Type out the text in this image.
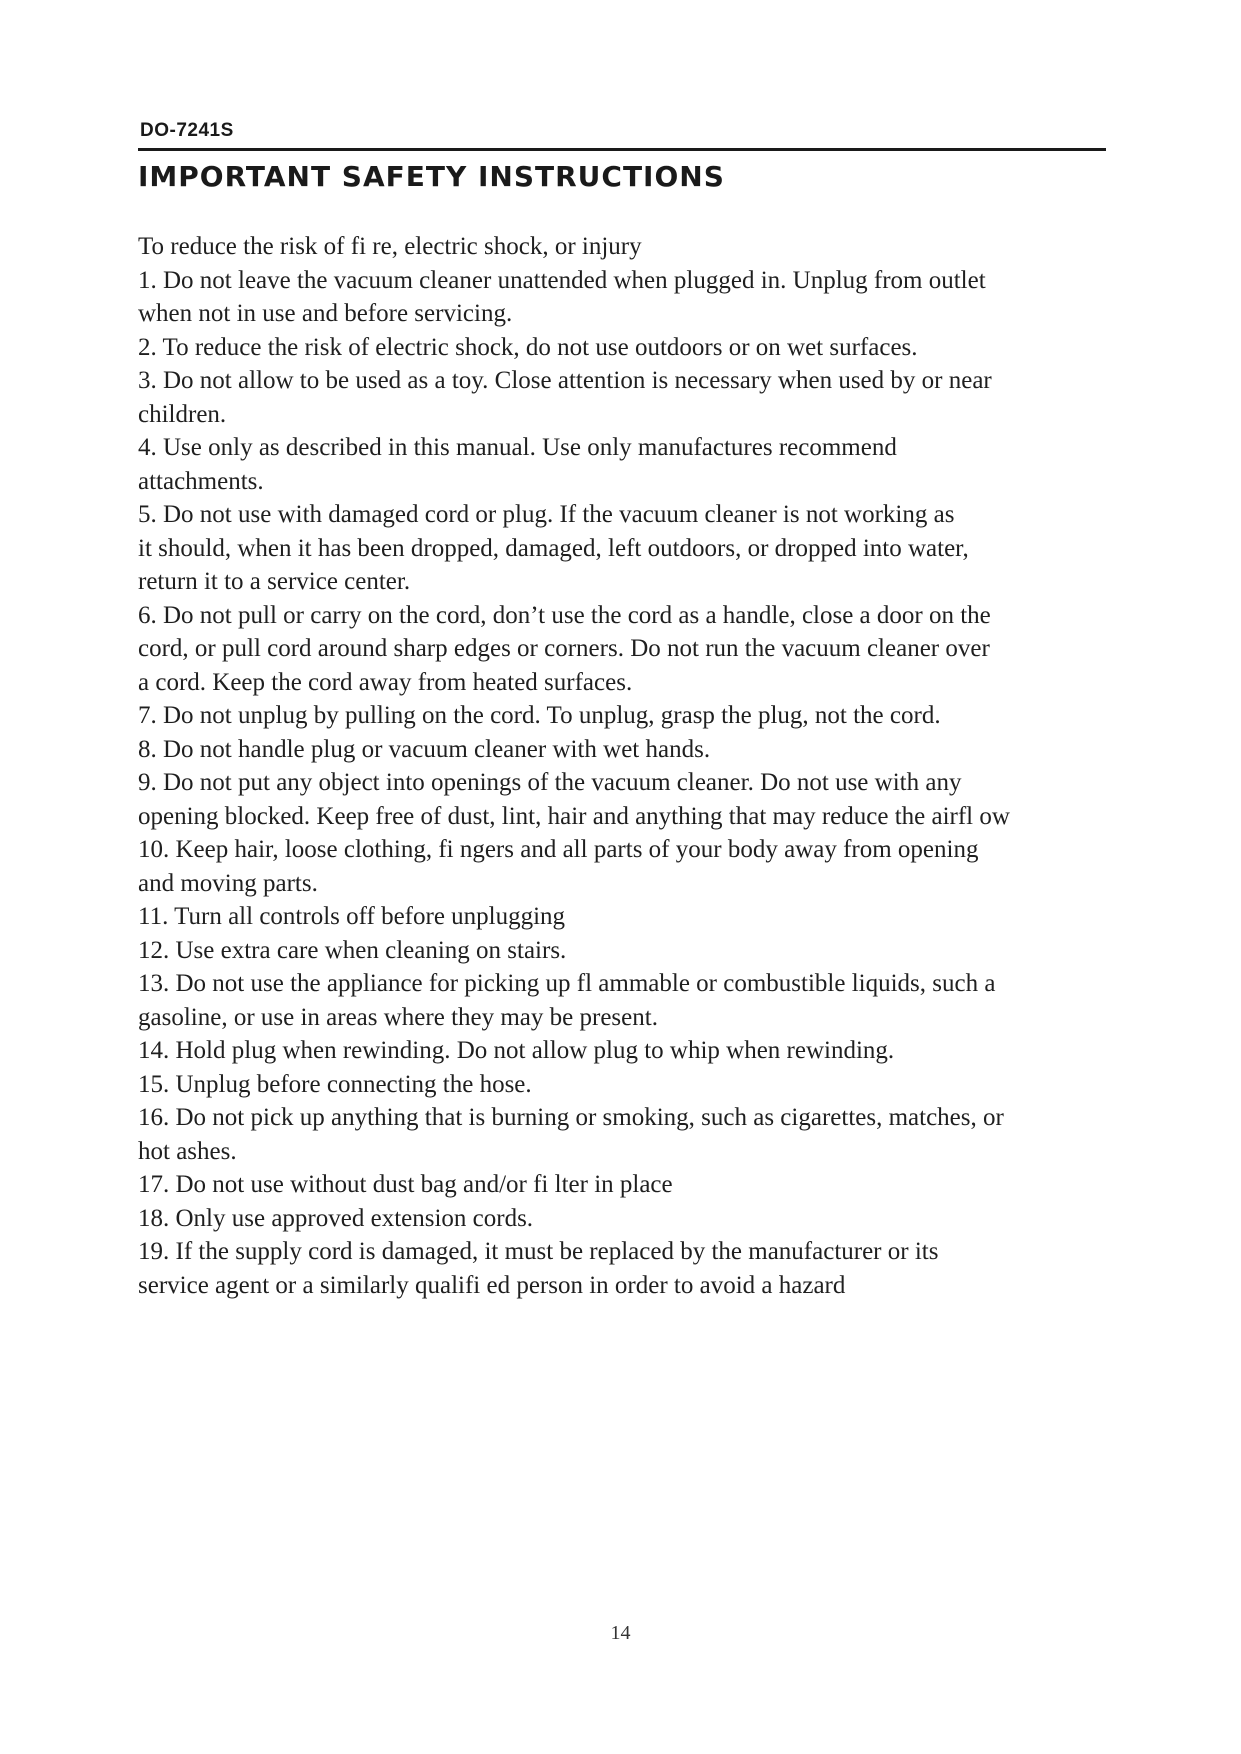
DO-7241S
IMPORTANT SAFETY INSTRUCTIONS
To reduce the risk of fi re, electric shock, or injury
1. Do not leave the vacuum cleaner unattended when plugged in. Unplug from outlet
when not in use and before servicing.
2. To reduce the risk of electric shock, do not use outdoors or on wet surfaces.
3. Do not allow to be used as a toy. Close attention is necessary when used by or near
children.
4. Use only as described in this manual. Use only manufactures recommend
attachments.
5. Do not use with damaged cord or plug. If the vacuum cleaner is not working as
it should, when it has been dropped, damaged, left outdoors, or dropped into water,
return it to a service center.
6. Do not pull or carry on the cord, don’t use the cord as a handle, close a door on the
cord, or pull cord around sharp edges or corners. Do not run the vacuum cleaner over
a cord. Keep the cord away from heated surfaces.
7. Do not unplug by pulling on the cord. To unplug, grasp the plug, not the cord.
8. Do not handle plug or vacuum cleaner with wet hands.
9. Do not put any object into openings of the vacuum cleaner. Do not use with any
opening blocked. Keep free of dust, lint, hair and anything that may reduce the airfl ow
10. Keep hair, loose clothing, fi ngers and all parts of your body away from opening
and moving parts.
11. Turn all controls off before unplugging
12. Use extra care when cleaning on stairs.
13. Do not use the appliance for picking up fl ammable or combustible liquids, such a
gasoline, or use in areas where they may be present.
14. Hold plug when rewinding. Do not allow plug to whip when rewinding.
15. Unplug before connecting the hose.
16. Do not pick up anything that is burning or smoking, such as cigarettes, matches, or
hot ashes.
17. Do not use without dust bag and/or fi lter in place
18. Only use approved extension cords.
19. If the supply cord is damaged, it must be replaced by the manufacturer or its
service agent or a similarly qualifi ed person in order to avoid a hazard
14
